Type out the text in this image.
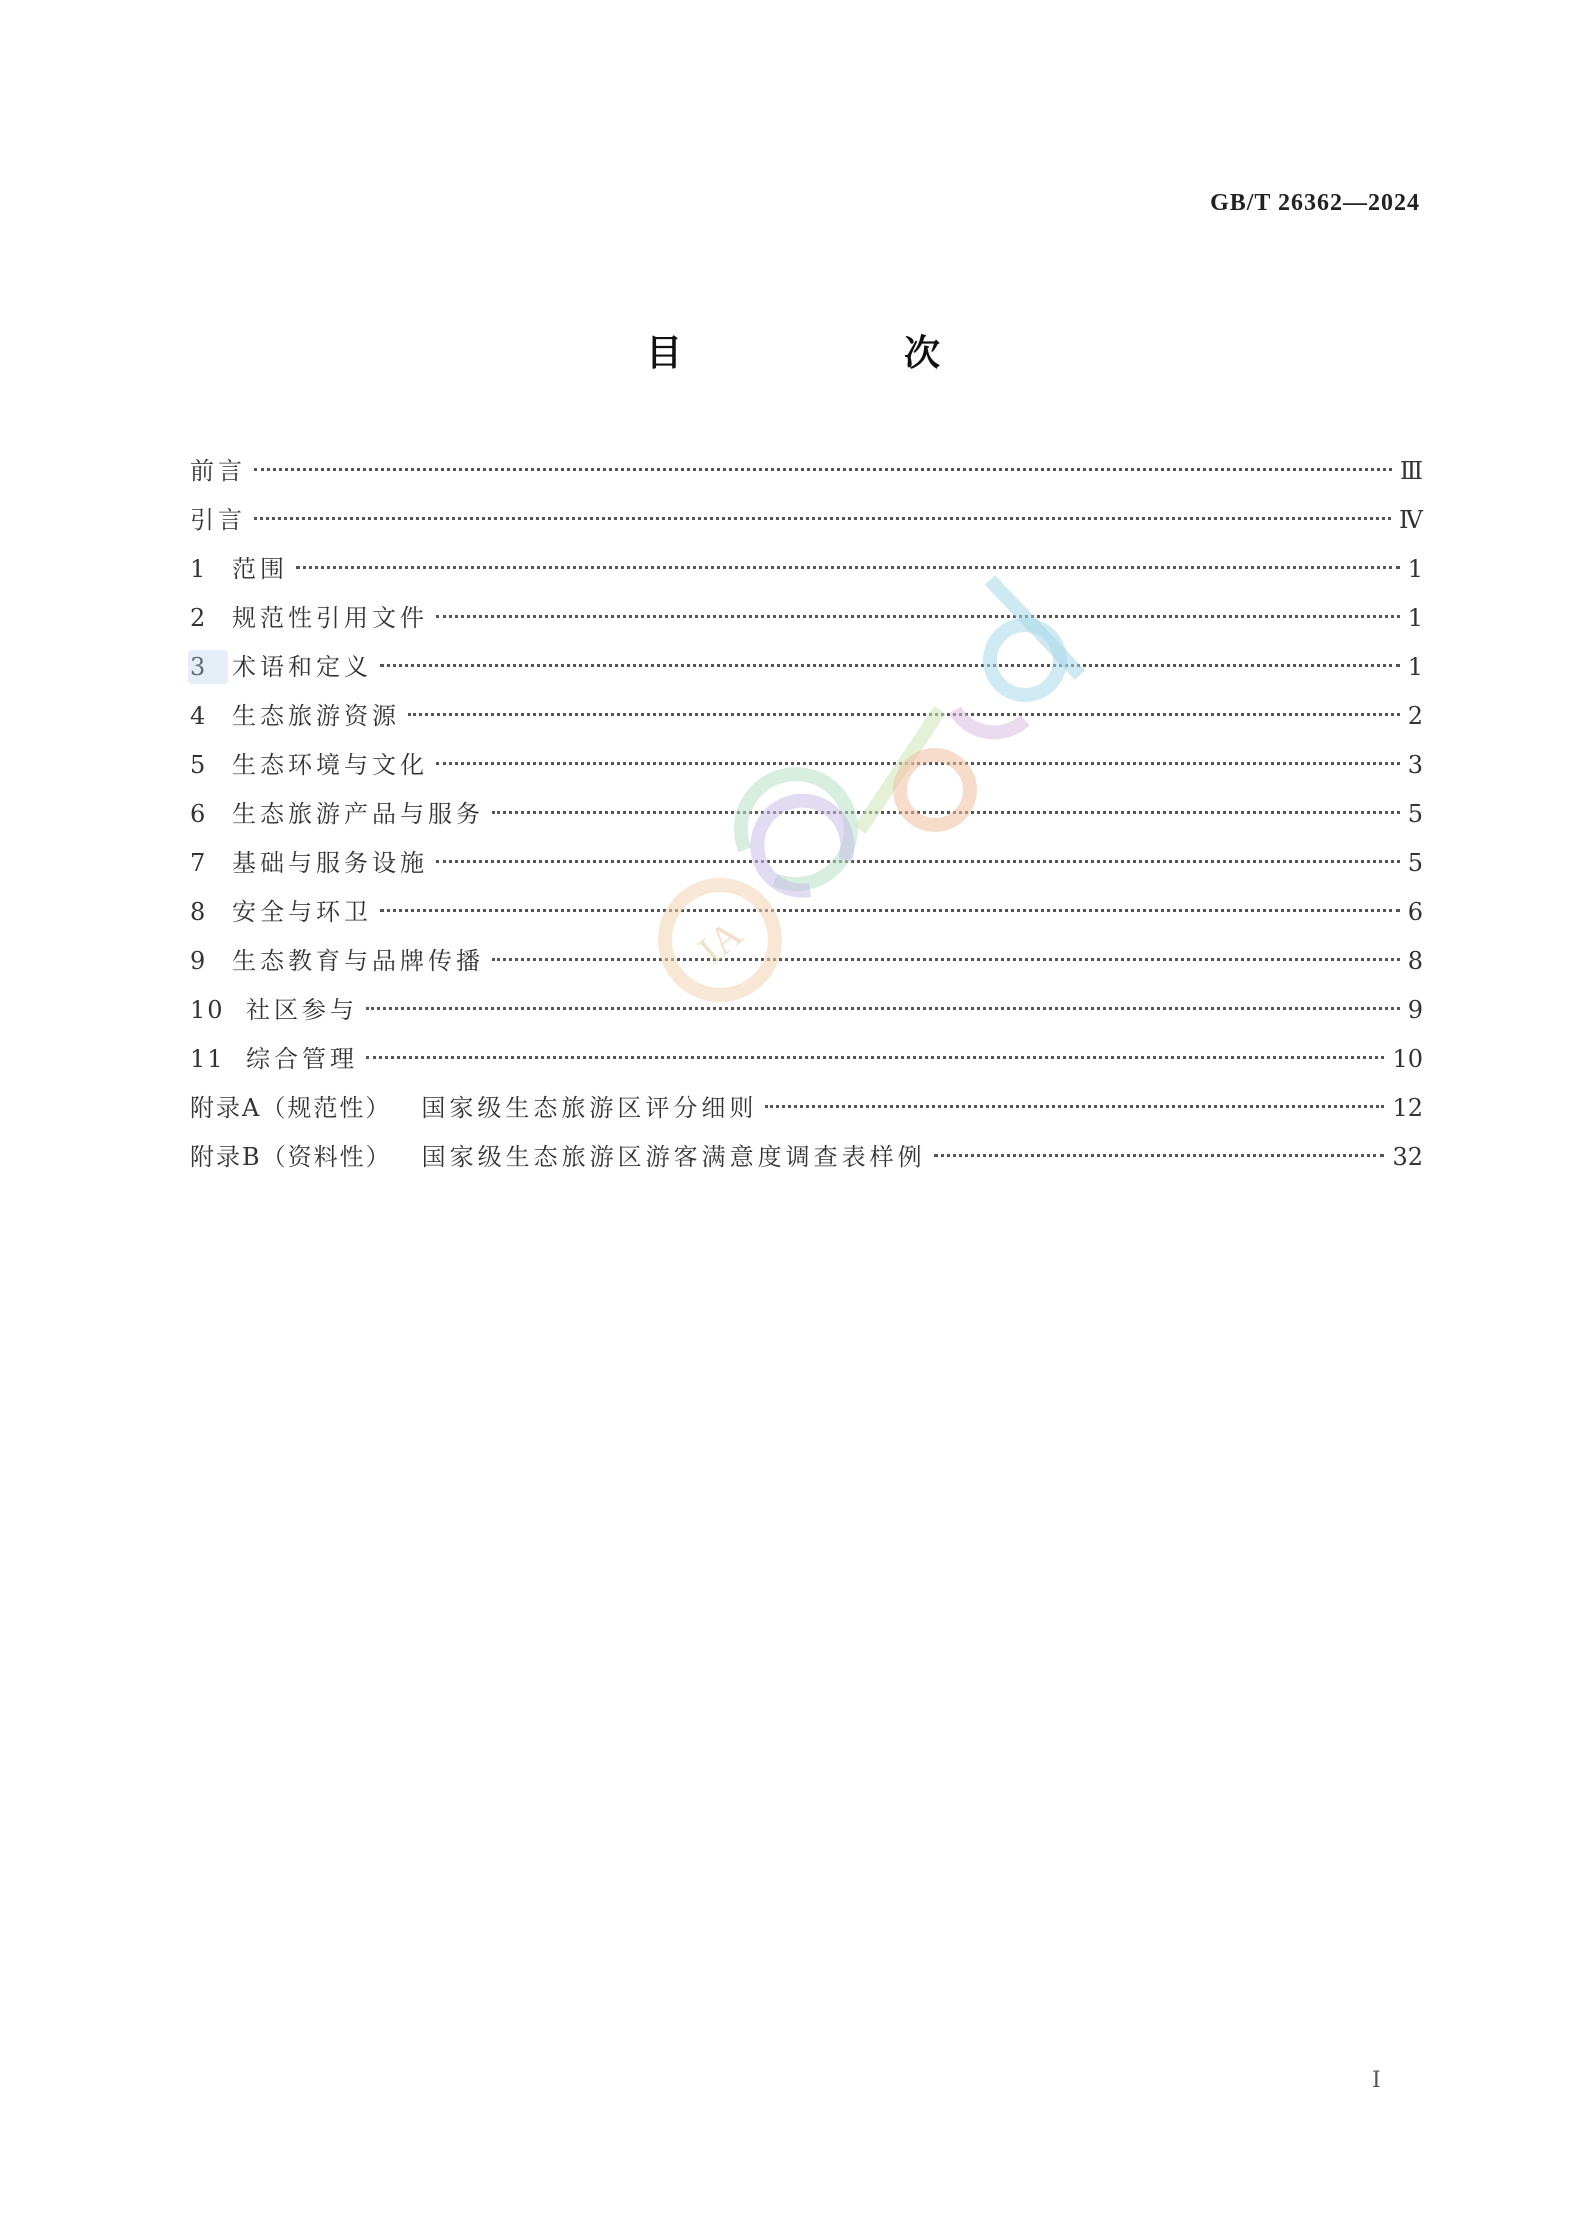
GB/T 26362—2024
目　　次
前言	Ⅲ
引言	Ⅳ
1	范围	1
2	规范性引用文件	1
3	术语和定义	1
4	生态旅游资源	2
5	生态环境与文化	3
6	生态旅游产品与服务	5
7	基础与服务设施	5
8	安全与环卫	6
9	生态教育与品牌传播	8
10 社区参与	9
11 综合管理	10
附录A（规范性） 国家级生态旅游区评分细则	12
附录B（资料性） 国家级生态旅游区游客满意度调查表样例	32
IA
I
